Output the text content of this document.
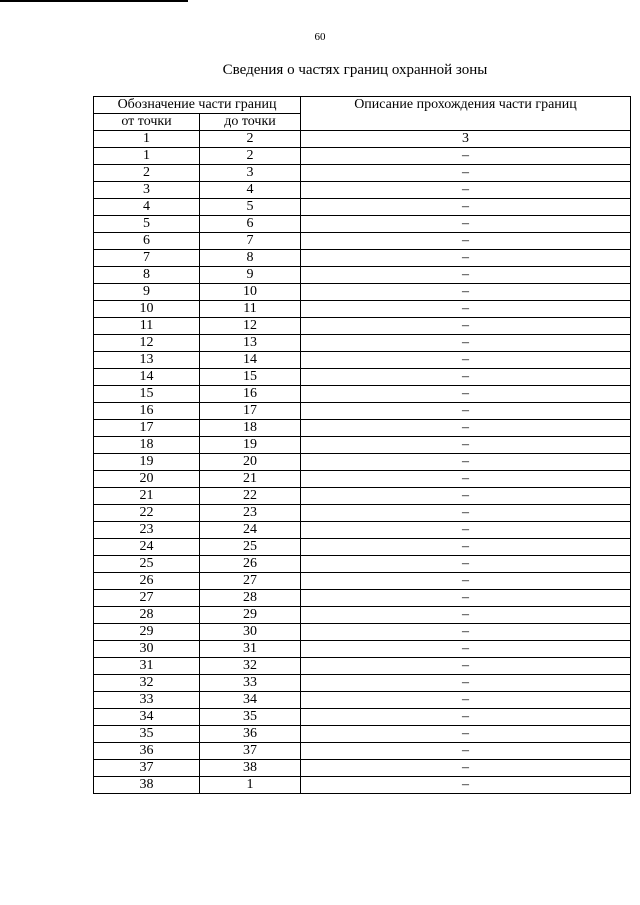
60
Сведения о частях границ охранной зоны
Обозначение части границ		Описание прохождения части границ
от точки	до точки	
1	2	3
1	2	–
2	3	–
3	4	–
4	5	–
5	6	–
6	7	–
7	8	–
8	9	–
9	10	–
10	11	–
11	12	–
12	13	–
13	14	–
14	15	–
15	16	–
16	17	–
17	18	–
18	19	–
19	20	–
20	21	–
21	22	–
22	23	–
23	24	–
24	25	–
25	26	–
26	27	–
27	28	–
28	29	–
29	30	–
30	31	–
31	32	–
32	33	–
33	34	–
34	35	–
35	36	–
36	37	–
37	38	–
38	1	–
